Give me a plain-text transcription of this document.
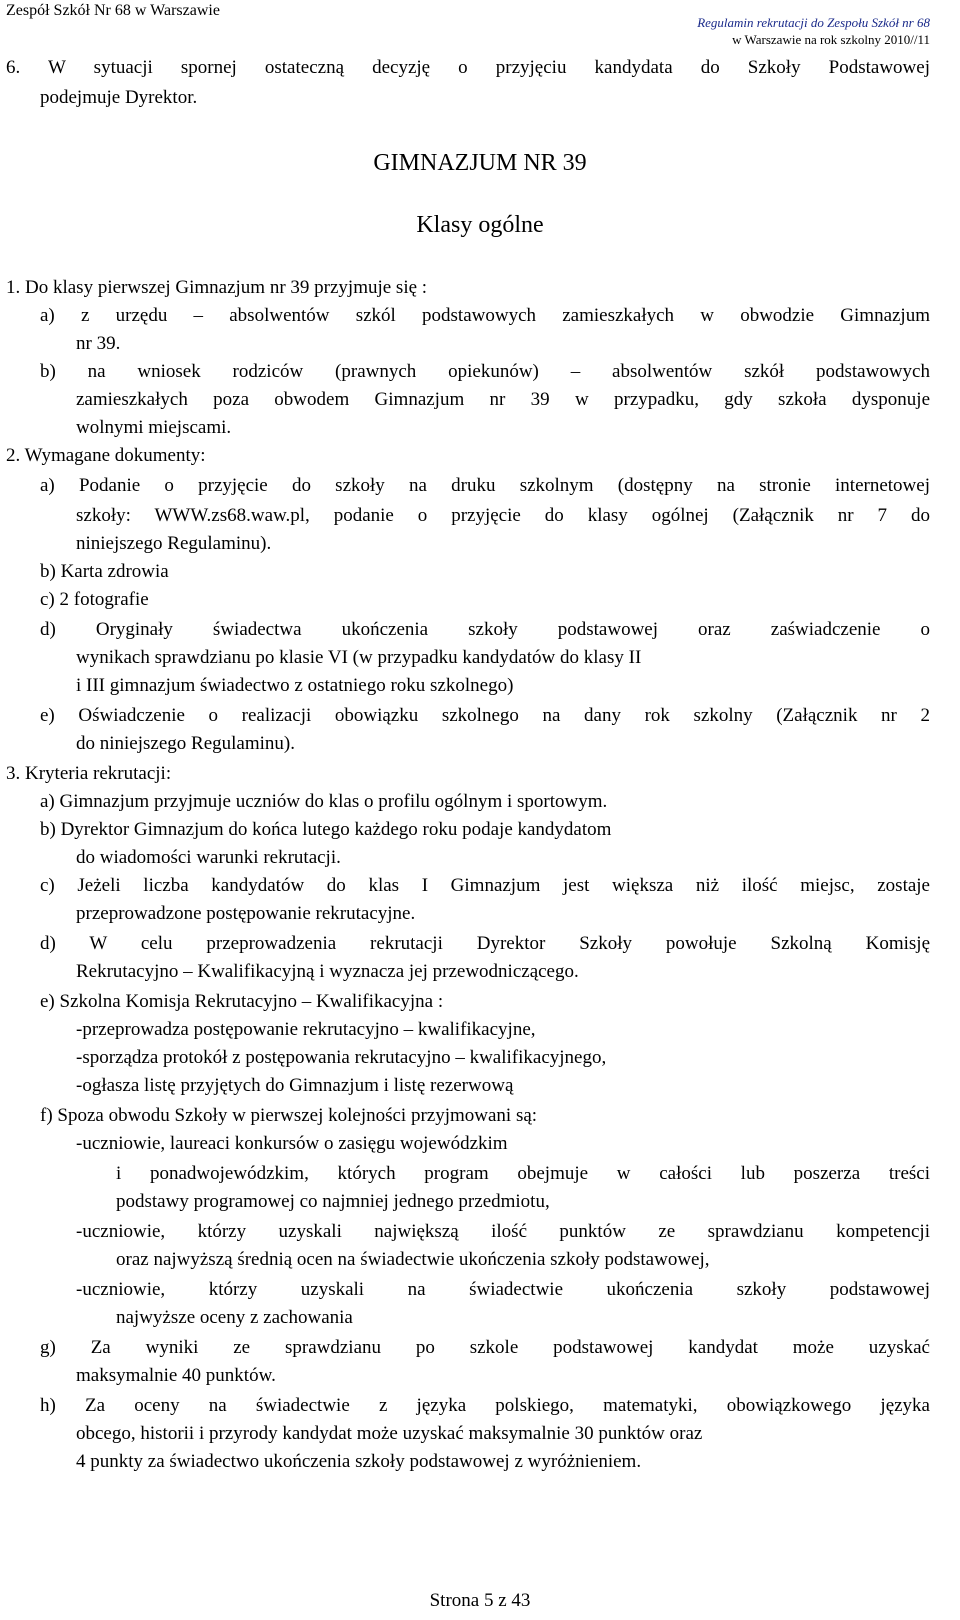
Zespół Szkół Nr 68 w Warszawie
Regulamin rekrutacji do Zespołu Szkół nr 68
w Warszawie na rok szkolny 2010//11
6. W sytuacji spornej ostateczną decyzję o przyjęciu kandydata do Szkoły Podstawowej
podejmuje Dyrektor.
GIMNAZJUM NR 39
Klasy ogólne
1. Do klasy pierwszej Gimnazjum nr 39 przyjmuje się :
a) z urzędu – absolwentów szkól podstawowych zamieszkałych w obwodzie Gimnazjum
nr 39.
b) na wniosek rodziców (prawnych opiekunów) – absolwentów szkół podstawowych
zamieszkałych poza obwodem Gimnazjum nr 39 w przypadku, gdy szkoła dysponuje
wolnymi miejscami.
2. Wymagane dokumenty:
a) Podanie o przyjęcie do szkoły na druku szkolnym (dostępny na stronie internetowej
szkoły: WWW.zs68.waw.pl, podanie o przyjęcie do klasy ogólnej (Załącznik nr 7 do
niniejszego Regulaminu).
b) Karta zdrowia
c) 2 fotografie
d) Oryginały świadectwa ukończenia szkoły podstawowej oraz zaświadczenie o
wynikach sprawdzianu po klasie VI (w przypadku kandydatów do klasy II
i III gimnazjum świadectwo z ostatniego roku szkolnego)
e) Oświadczenie o realizacji obowiązku szkolnego na dany rok szkolny (Załącznik nr 2
do niniejszego Regulaminu).
3. Kryteria rekrutacji:
a) Gimnazjum przyjmuje uczniów do klas o profilu ogólnym i sportowym.
b) Dyrektor Gimnazjum do końca lutego każdego roku podaje kandydatom
do wiadomości warunki rekrutacji.
c) Jeżeli liczba kandydatów do klas I Gimnazjum jest większa niż ilość miejsc, zostaje
przeprowadzone postępowanie rekrutacyjne.
d) W celu przeprowadzenia rekrutacji Dyrektor Szkoły powołuje Szkolną Komisję
Rekrutacyjno – Kwalifikacyjną i wyznacza jej przewodniczącego.
e) Szkolna Komisja Rekrutacyjno – Kwalifikacyjna :
-przeprowadza postępowanie rekrutacyjno – kwalifikacyjne,
-sporządza protokół z postępowania rekrutacyjno – kwalifikacyjnego,
-ogłasza listę przyjętych do Gimnazjum i listę rezerwową
f) Spoza obwodu Szkoły w pierwszej kolejności przyjmowani są:
-uczniowie, laureaci konkursów o zasięgu wojewódzkim
i ponadwojewódzkim, których program obejmuje w całości lub poszerza treści
podstawy programowej co najmniej jednego przedmiotu,
-uczniowie, którzy uzyskali największą ilość punktów ze sprawdzianu kompetencji
oraz najwyższą średnią ocen na świadectwie ukończenia szkoły podstawowej,
-uczniowie, którzy uzyskali na świadectwie ukończenia szkoły podstawowej
najwyższe oceny z zachowania
g) Za wyniki ze sprawdzianu po szkole podstawowej kandydat może uzyskać
maksymalnie 40 punktów.
h) Za oceny na świadectwie z języka polskiego, matematyki, obowiązkowego języka
obcego, historii i przyrody kandydat może uzyskać maksymalnie 30 punktów oraz
4 punkty za świadectwo ukończenia szkoły podstawowej z wyróżnieniem.
Strona 5 z 43
